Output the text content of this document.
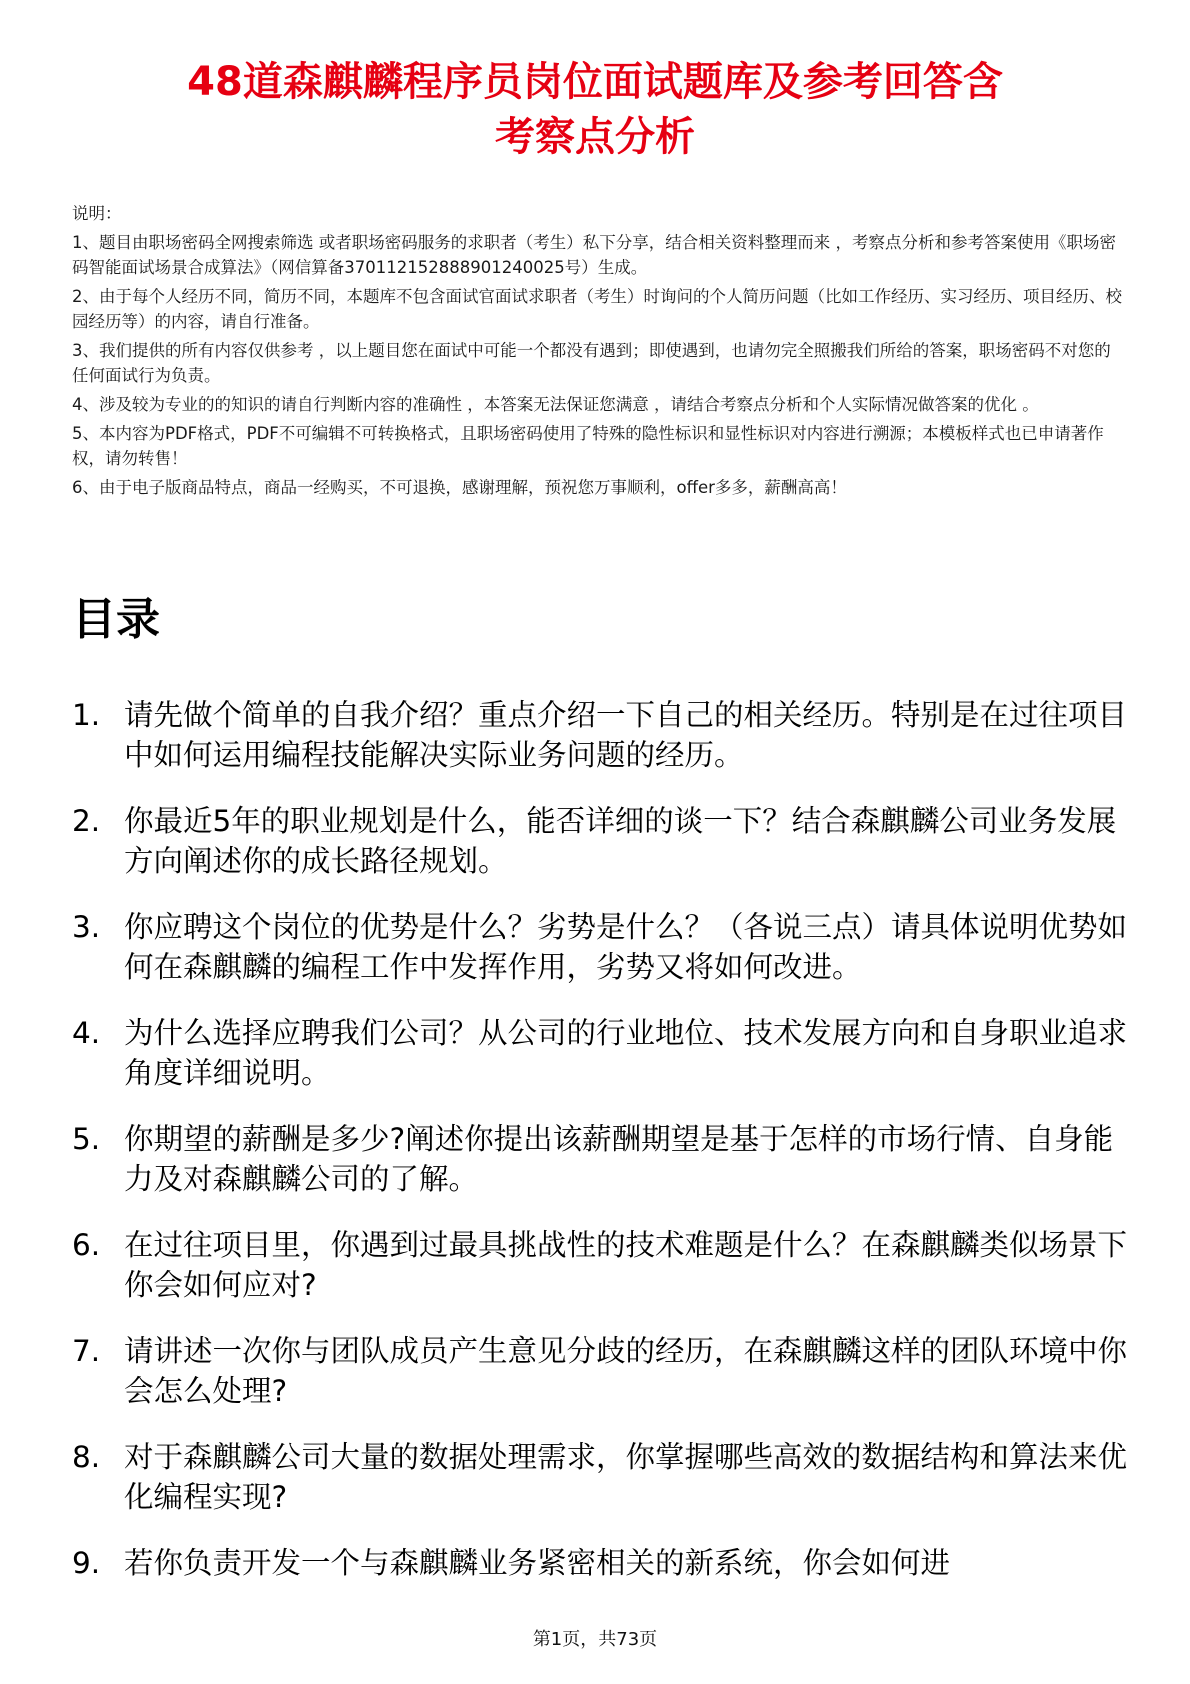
48道森麒麟程序员岗位面试题库及参考回答含
考察点分析

说明：

1、题目由职场密码全网搜索筛选 或者职场密码服务的求职者（考生）私下分享，结合相关资料整理而来 ，考察点分析和参考答案使用《职场密码智能面试场景合成算法》（网信算备370112152888901240025号）生成。

2、由于每个人经历不同，简历不同，本题库不包含面试官面试求职者（考生）时询问的个人简历问题（比如工作经历、实习经历、项目经历、校园经历等）的内容，请自行准备。

3、我们提供的所有内容仅供参考 ，以上题目您在面试中可能一个都没有遇到；即使遇到，也请勿完全照搬我们所给的答案，职场密码不对您的任何面试行为负责。

4、涉及较为专业的的知识的请自行判断内容的准确性 ，本答案无法保证您满意 ，请结合考察点分析和个人实际情况做答案的优化 。

5、本内容为PDF格式，PDF不可编辑不可转换格式，且职场密码使用了特殊的隐性标识和显性标识对内容进行溯源；本模板样式也已申请著作权，请勿转售！

6、由于电子版商品特点，商品一经购买，不可退换，感谢理解，预祝您万事顺利，offer多多，薪酬高高！

目录
1. 请先做个简单的自我介绍？重点介绍一下自己的相关经历。特别是在过往项目中如何运用编程技能解决实际业务问题的经历。
2. 你最近5年的职业规划是什么，能否详细的谈一下？结合森麒麟公司业务发展方向阐述你的成长路径规划。
3. 你应聘这个岗位的优势是什么？劣势是什么？（各说三点）请具体说明优势如何在森麒麟的编程工作中发挥作用，劣势又将如何改进。
4. 为什么选择应聘我们公司？从公司的行业地位、技术发展方向和自身职业追求角度详细说明。
5. 你期望的薪酬是多少?阐述你提出该薪酬期望是基于怎样的市场行情、自身能力及对森麒麟公司的了解。
6. 在过往项目里，你遇到过最具挑战性的技术难题是什么？在森麒麟类似场景下你会如何应对?
7. 请讲述一次你与团队成员产生意见分歧的经历，在森麒麟这样的团队环境中你会怎么处理?
8. 对于森麒麟公司大量的数据处理需求，你掌握哪些高效的数据结构和算法来优化编程实现?
9. 若你负责开发一个与森麒麟业务紧密相关的新系统，你会如何进
第1页，共73页
